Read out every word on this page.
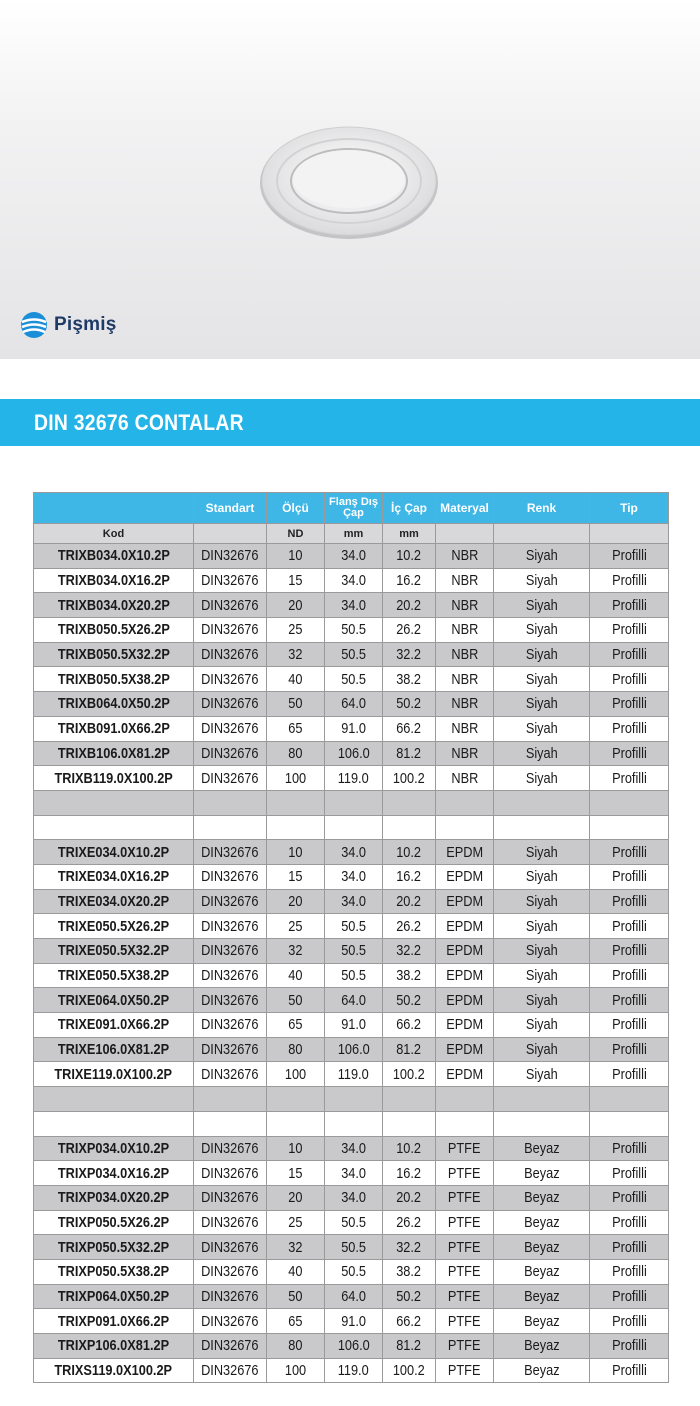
Pişmiş
DIN 32676 CONTALAR
	Standart	Ölçü	Flanş Dış Çap	İç Çap	Materyal	Renk	Tip
Kod		ND	mm	mm			
TRIXB034.0X10.2P	DIN32676	10	34.0	10.2	NBR	Siyah	Profilli
TRIXB034.0X16.2P	DIN32676	15	34.0	16.2	NBR	Siyah	Profilli
TRIXB034.0X20.2P	DIN32676	20	34.0	20.2	NBR	Siyah	Profilli
TRIXB050.5X26.2P	DIN32676	25	50.5	26.2	NBR	Siyah	Profilli
TRIXB050.5X32.2P	DIN32676	32	50.5	32.2	NBR	Siyah	Profilli
TRIXB050.5X38.2P	DIN32676	40	50.5	38.2	NBR	Siyah	Profilli
TRIXB064.0X50.2P	DIN32676	50	64.0	50.2	NBR	Siyah	Profilli
TRIXB091.0X66.2P	DIN32676	65	91.0	66.2	NBR	Siyah	Profilli
TRIXB106.0X81.2P	DIN32676	80	106.0	81.2	NBR	Siyah	Profilli
TRIXB119.0X100.2P	DIN32676	100	119.0	100.2	NBR	Siyah	Profilli

TRIXE034.0X10.2P	DIN32676	10	34.0	10.2	EPDM	Siyah	Profilli
TRIXE034.0X16.2P	DIN32676	15	34.0	16.2	EPDM	Siyah	Profilli
TRIXE034.0X20.2P	DIN32676	20	34.0	20.2	EPDM	Siyah	Profilli
TRIXE050.5X26.2P	DIN32676	25	50.5	26.2	EPDM	Siyah	Profilli
TRIXE050.5X32.2P	DIN32676	32	50.5	32.2	EPDM	Siyah	Profilli
TRIXE050.5X38.2P	DIN32676	40	50.5	38.2	EPDM	Siyah	Profilli
TRIXE064.0X50.2P	DIN32676	50	64.0	50.2	EPDM	Siyah	Profilli
TRIXE091.0X66.2P	DIN32676	65	91.0	66.2	EPDM	Siyah	Profilli
TRIXE106.0X81.2P	DIN32676	80	106.0	81.2	EPDM	Siyah	Profilli
TRIXE119.0X100.2P	DIN32676	100	119.0	100.2	EPDM	Siyah	Profilli

TRIXP034.0X10.2P	DIN32676	10	34.0	10.2	PTFE	Beyaz	Profilli
TRIXP034.0X16.2P	DIN32676	15	34.0	16.2	PTFE	Beyaz	Profilli
TRIXP034.0X20.2P	DIN32676	20	34.0	20.2	PTFE	Beyaz	Profilli
TRIXP050.5X26.2P	DIN32676	25	50.5	26.2	PTFE	Beyaz	Profilli
TRIXP050.5X32.2P	DIN32676	32	50.5	32.2	PTFE	Beyaz	Profilli
TRIXP050.5X38.2P	DIN32676	40	50.5	38.2	PTFE	Beyaz	Profilli
TRIXP064.0X50.2P	DIN32676	50	64.0	50.2	PTFE	Beyaz	Profilli
TRIXP091.0X66.2P	DIN32676	65	91.0	66.2	PTFE	Beyaz	Profilli
TRIXP106.0X81.2P	DIN32676	80	106.0	81.2	PTFE	Beyaz	Profilli
TRIXS119.0X100.2P	DIN32676	100	119.0	100.2	PTFE	Beyaz	Profilli
